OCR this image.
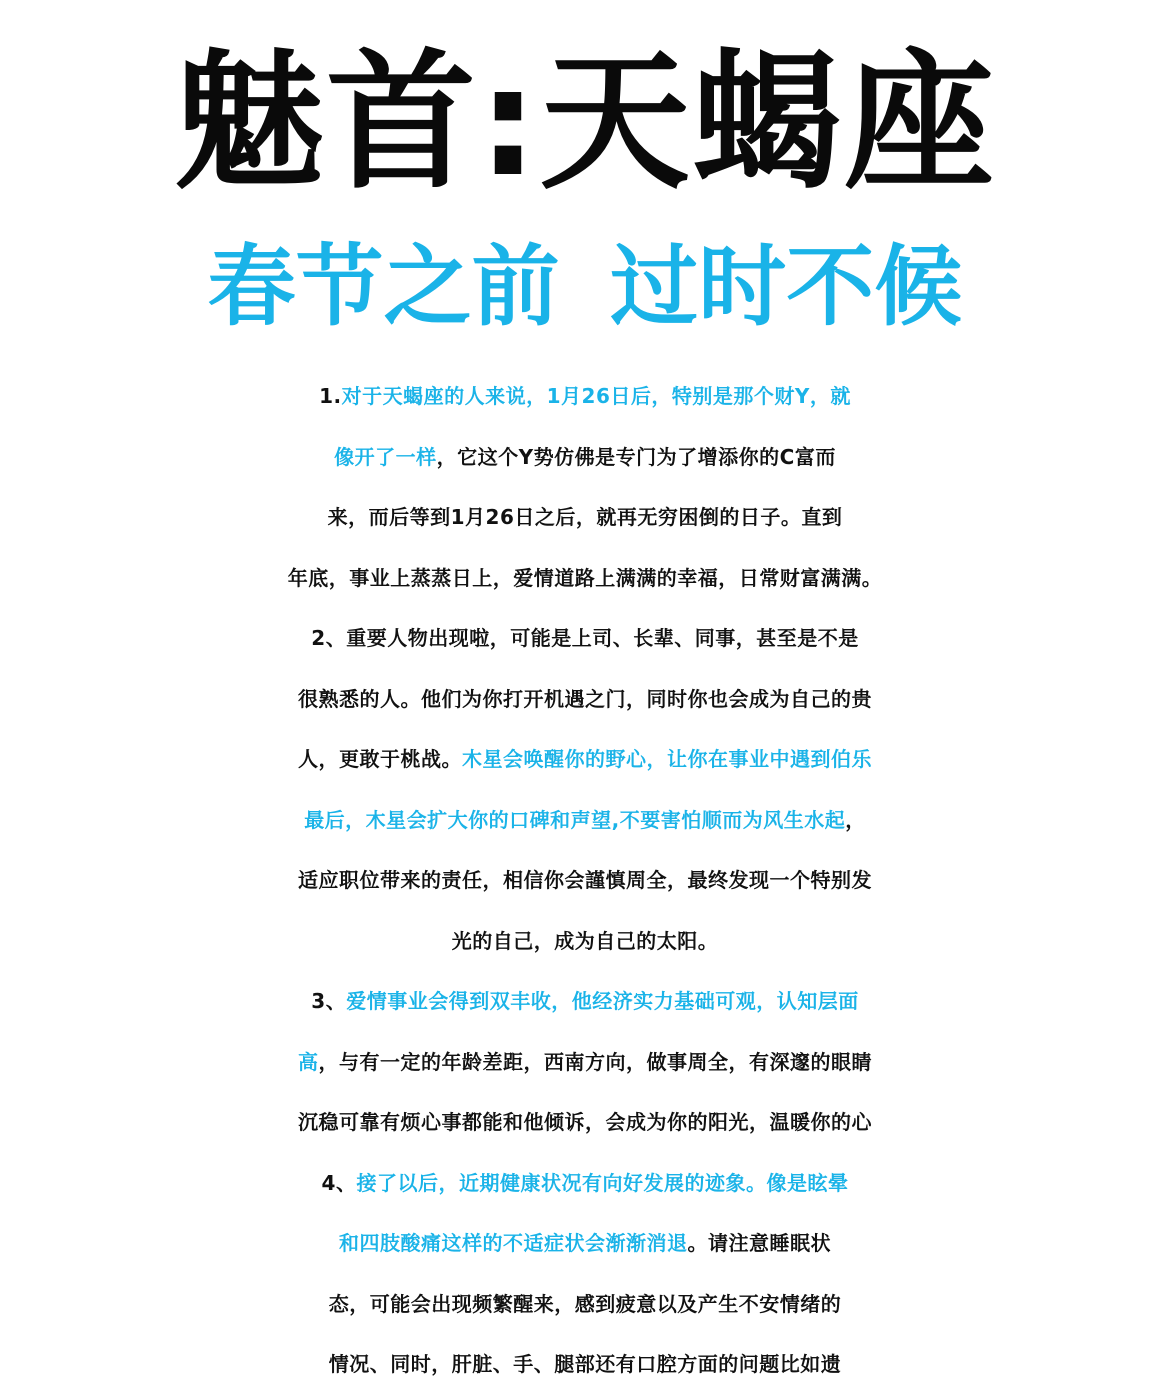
魅首:天蝎座
春节之前 过时不候
1.对于天蝎座的人来说，1月26日后，特别是那个财Y，就
像开了一样，它这个Y势仿佛是专门为了增添你的C富而
来，而后等到1月26日之后，就再无穷困倒的日子。直到
年底，事业上蒸蒸日上，爱情道路上满满的幸福，日常财富满满。
2、重要人物出现啦，可能是上司、长辈、同事，甚至是不是
很熟悉的人。他们为你打开机遇之门，同时你也会成为自己的贵
人，更敢于桃战。木星会唤醒你的野心，让你在事业中遇到伯乐
最后，木星会扩大你的口碑和声望,不要害怕顺而为风生水起，
适应职位带来的责任，相信你会謹慎周全，最终发现一个特别发
光的自己，成为自己的太阳。
3、爱情事业会得到双丰收，他经济实力基础可观，认知层面
高，与有一定的年龄差距，西南方向，做事周全，有深邃的眼睛
沉稳可靠有烦心事都能和他倾诉，会成为你的阳光，温暖你的心
4、接了以后，近期健康状况有向好发展的迹象。像是眩晕
和四肢酸痛这样的不适症状会渐渐消退。请注意睡眠状
态，可能会出现频繁醒来，感到疲意以及产生不安情绪的
情况、同时，肝脏、手、腿部还有口腔方面的问题比如遗
